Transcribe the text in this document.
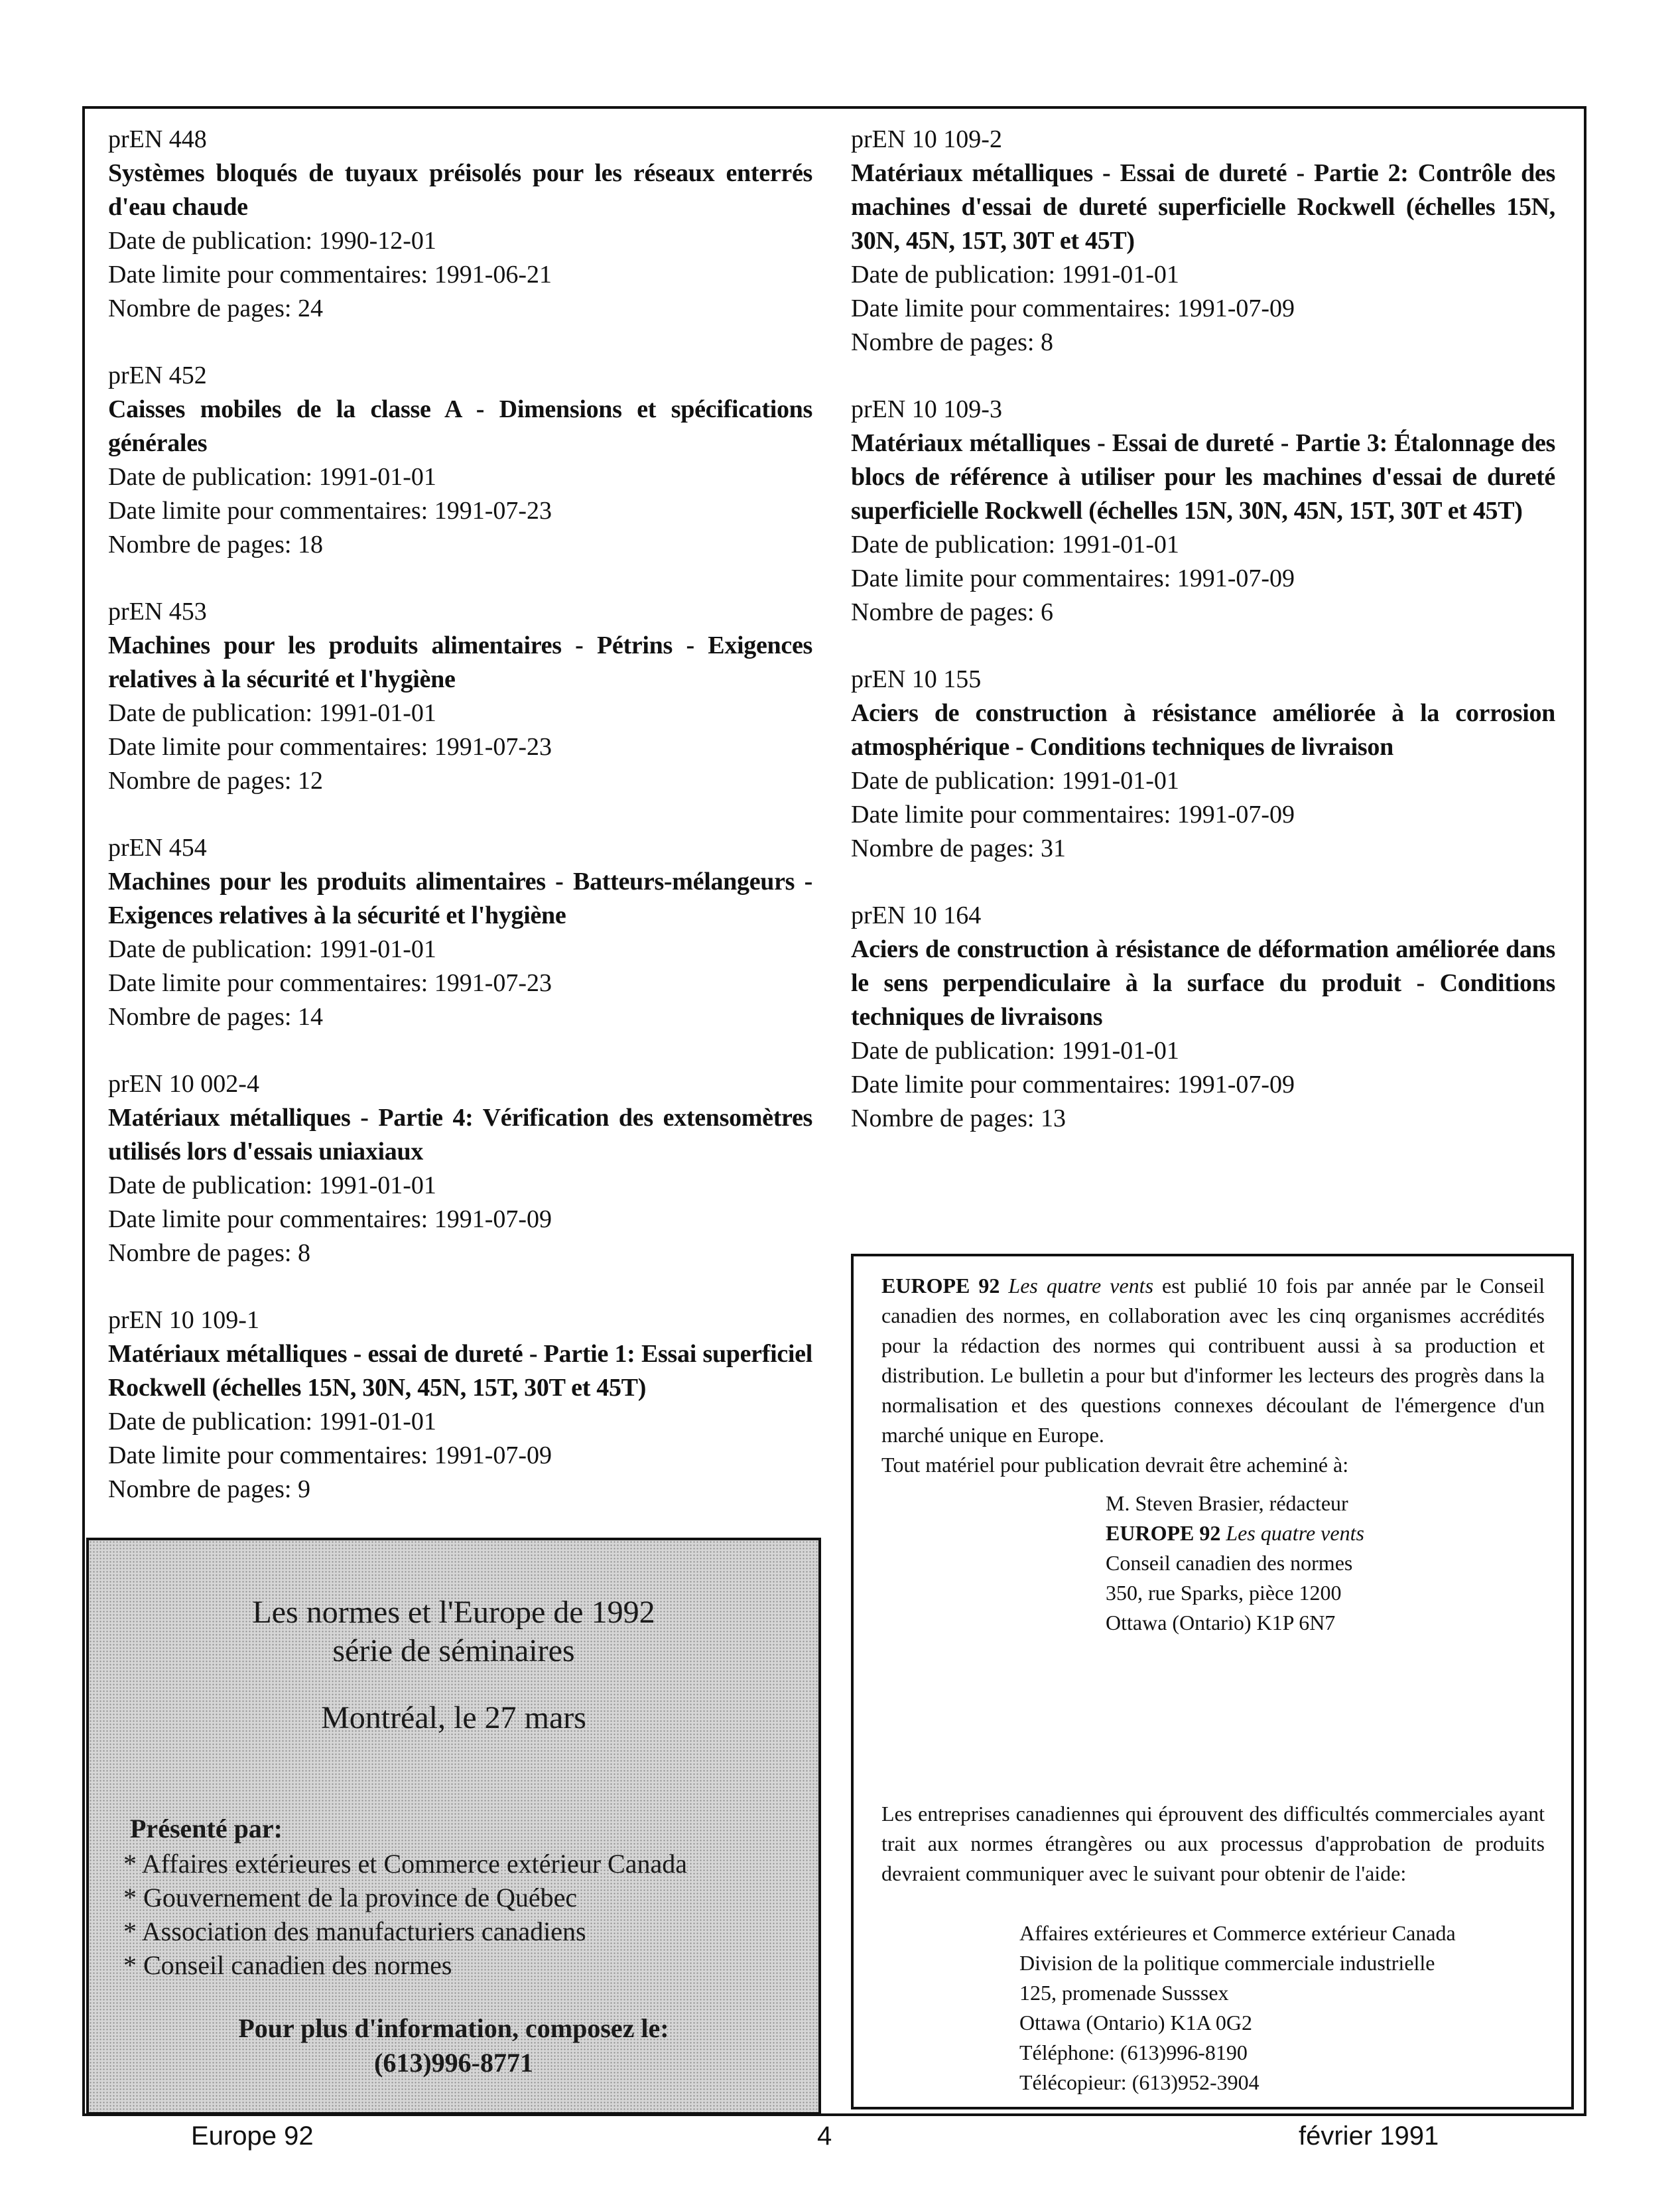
prEN 448
Systèmes bloqués de tuyaux préisolés pour les réseaux enterrés d'eau chaude
Date de publication: 1990-12-01
Date limite pour commentaires: 1991-06-21
Nombre de pages: 24
prEN 452
Caisses mobiles de la classe A - Dimensions et spécifications générales
Date de publication: 1991-01-01
Date limite pour commentaires: 1991-07-23
Nombre de pages: 18
prEN 453
Machines pour les produits alimentaires - Pétrins - Exigences relatives à la sécurité et l'hygiène
Date de publication: 1991-01-01
Date limite pour commentaires: 1991-07-23
Nombre de pages: 12
prEN 454
Machines pour les produits alimentaires - Batteurs-mélangeurs - Exigences relatives à la sécurité et l'hygiène
Date de publication: 1991-01-01
Date limite pour commentaires: 1991-07-23
Nombre de pages: 14
prEN 10 002-4
Matériaux métalliques - Partie 4: Vérification des extensomètres utilisés lors d'essais uniaxiaux
Date de publication: 1991-01-01
Date limite pour commentaires: 1991-07-09
Nombre de pages: 8
prEN 10 109-1
Matériaux métalliques - essai de dureté - Partie 1: Essai superficiel Rockwell (échelles 15N, 30N, 45N, 15T, 30T et 45T)
Date de publication: 1991-01-01
Date limite pour commentaires: 1991-07-09
Nombre de pages: 9
prEN 10 109-2
Matériaux métalliques - Essai de dureté - Partie 2: Contrôle des machines d'essai de dureté superficielle Rockwell (échelles 15N, 30N, 45N, 15T, 30T et 45T)
Date de publication: 1991-01-01
Date limite pour commentaires: 1991-07-09
Nombre de pages: 8
prEN 10 109-3
Matériaux métalliques - Essai de dureté - Partie 3: Étalonnage des blocs de référence à utiliser pour les machines d'essai de dureté superficielle Rockwell (échelles 15N, 30N, 45N, 15T, 30T et 45T)
Date de publication: 1991-01-01
Date limite pour commentaires: 1991-07-09
Nombre de pages: 6
prEN 10 155
Aciers de construction à résistance améliorée à la corrosion atmosphérique - Conditions techniques de livraison
Date de publication: 1991-01-01
Date limite pour commentaires: 1991-07-09
Nombre de pages: 31
prEN 10 164
Aciers de construction à résistance de déformation améliorée dans le sens perpendiculaire à la surface du produit - Conditions techniques de livraisons
Date de publication: 1991-01-01
Date limite pour commentaires: 1991-07-09
Nombre de pages: 13
Les normes et l'Europe de 1992
série de séminaires
Montréal, le 27 mars
Présenté par:
* Affaires extérieures et Commerce extérieur Canada
* Gouvernement de la province de Québec
* Association des manufacturiers canadiens
* Conseil canadien des normes
Pour plus d'information, composez le:
(613)996-8771
EUROPE 92 Les quatre vents est publié 10 fois par année par le Conseil canadien des normes, en collaboration avec les cinq organismes accrédités pour la rédaction des normes qui contribuent aussi à sa production et distribution. Le bulletin a pour but d'informer les lecteurs des progrès dans la normalisation et des questions connexes découlant de l'émergence d'un marché unique en Europe.
Tout matériel pour publication devrait être acheminé à:
M. Steven Brasier, rédacteur
EUROPE 92 Les quatre vents
Conseil canadien des normes
350, rue Sparks, pièce 1200
Ottawa (Ontario) K1P 6N7
Les entreprises canadiennes qui éprouvent des difficultés commerciales ayant trait aux normes étrangères ou aux processus d'approbation de produits devraient communiquer avec le suivant pour obtenir de l'aide:
Affaires extérieures et Commerce extérieur Canada
Division de la politique commerciale industrielle
125, promenade Susssex
Ottawa (Ontario) K1A 0G2
Téléphone: (613)996-8190
Télécopieur: (613)952-3904
Europe 92	4	février 1991
